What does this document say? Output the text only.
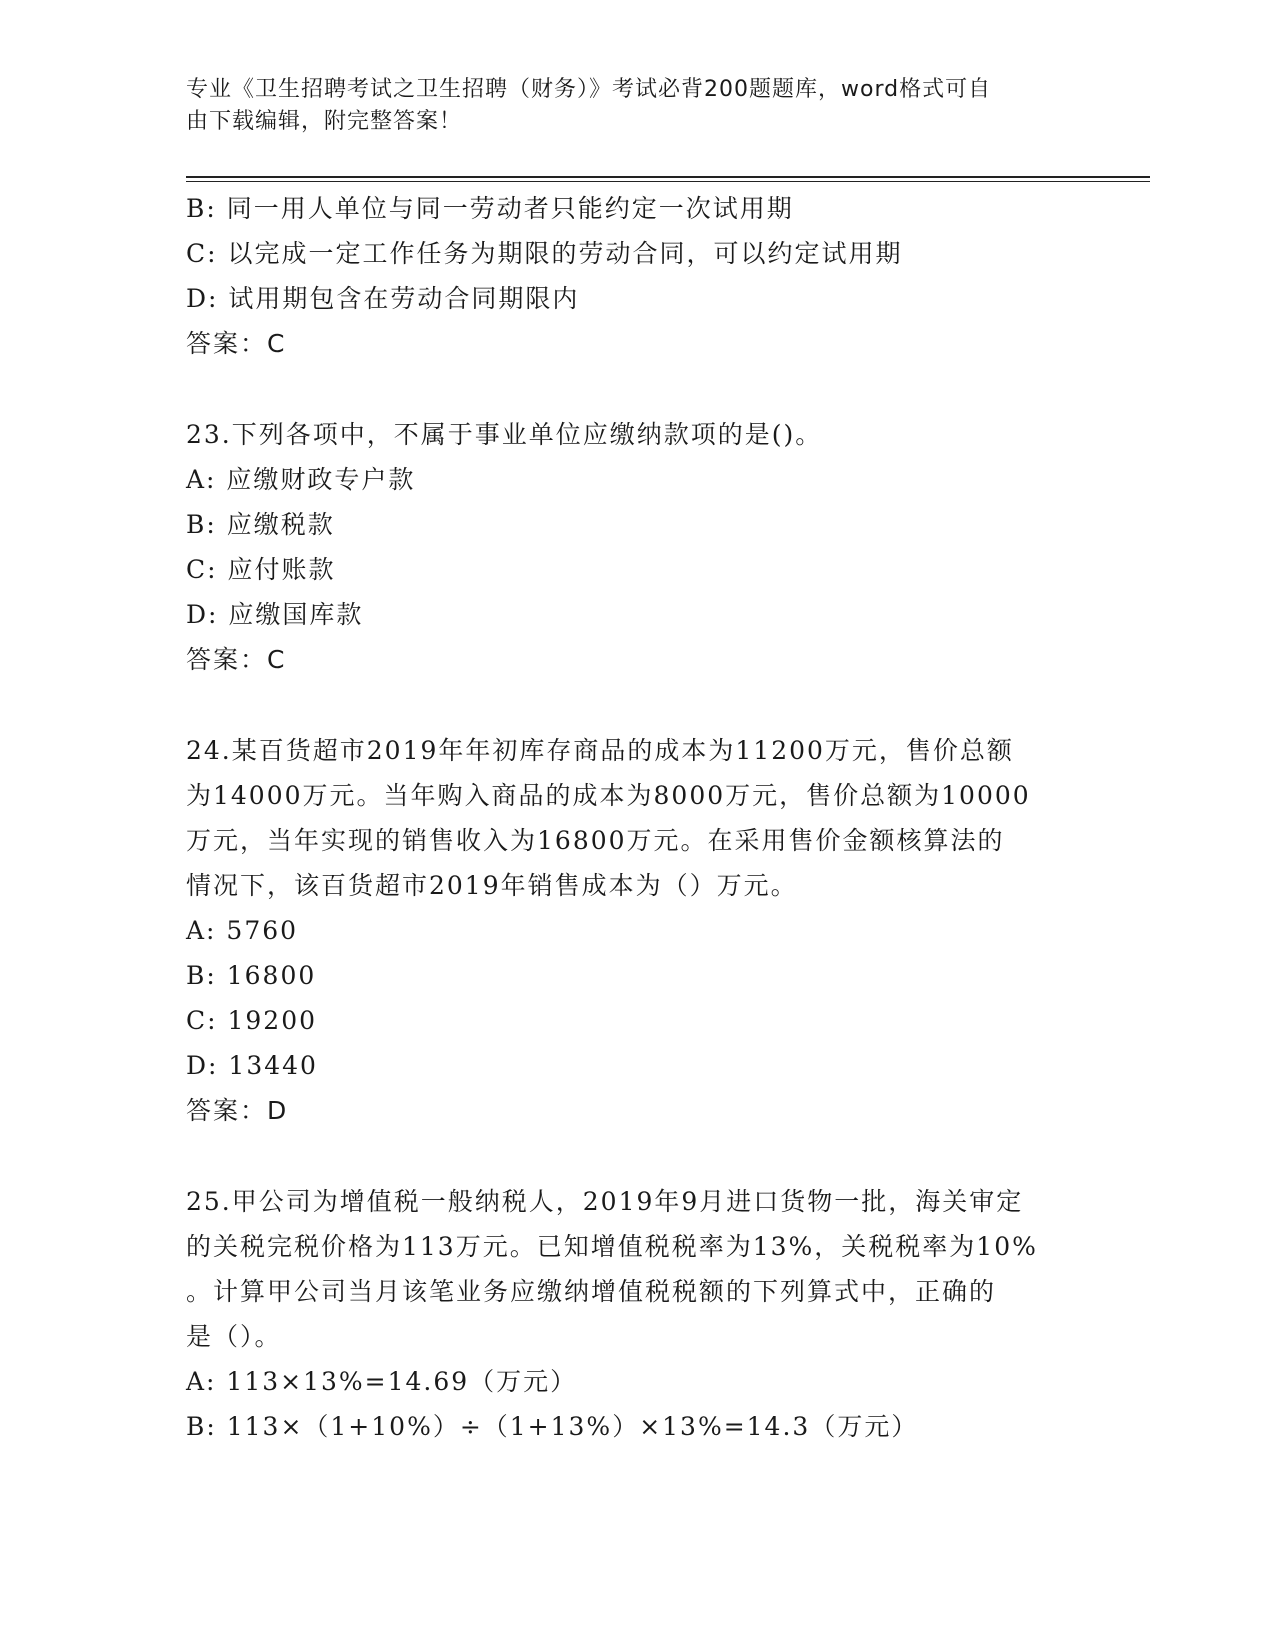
专业《卫生招聘考试之卫生招聘（财务）》考试必背200题题库，word格式可自
由下载编辑，附完整答案！
B: 同一用人单位与同一劳动者只能约定一次试用期
C: 以完成一定工作任务为期限的劳动合同，可以约定试用期
D: 试用期包含在劳动合同期限内
答案：C
23.下列各项中，不属于事业单位应缴纳款项的是()。
A: 应缴财政专户款
B: 应缴税款
C: 应付账款
D: 应缴国库款
答案：C
24.某百货超市2019年年初库存商品的成本为11200万元，售价总额
为14000万元。当年购入商品的成本为8000万元，售价总额为10000
万元，当年实现的销售收入为16800万元。在采用售价金额核算法的
情况下，该百货超市2019年销售成本为（）万元。
A: 5760
B: 16800
C: 19200
D: 13440
答案：D
25.甲公司为增值税一般纳税人，2019年9月进口货物一批，海关审定
的关税完税价格为113万元。已知增值税税率为13%，关税税率为10%
。计算甲公司当月该笔业务应缴纳增值税税额的下列算式中，正确的
是（）。
A: 113×13%=14.69（万元）
B: 113×（1+10%）÷（1+13%）×13%=14.3（万元）
